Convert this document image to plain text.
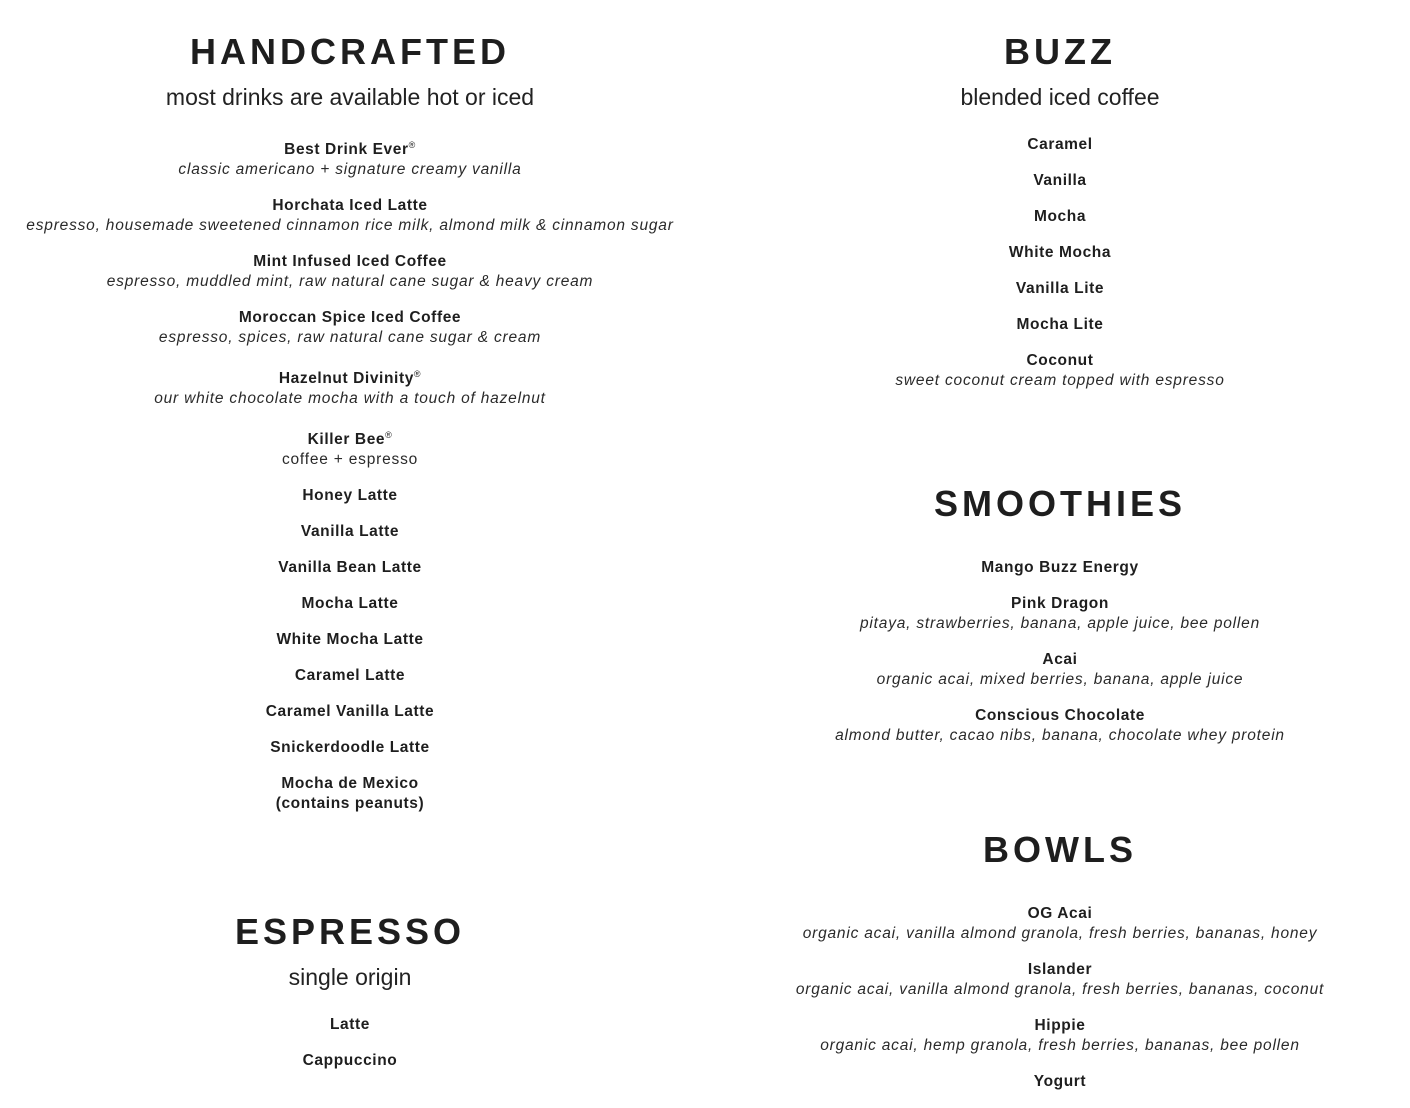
HANDCRAFTED
most drinks are available hot or iced
Best Drink Ever®
classic americano + signature creamy vanilla
Horchata Iced Latte
espresso, housemade sweetened cinnamon rice milk, almond milk & cinnamon sugar
Mint Infused Iced Coffee
espresso, muddled mint, raw natural cane sugar & heavy cream
Moroccan Spice Iced Coffee
espresso, spices, raw natural cane sugar & cream
Hazelnut Divinity®
our white chocolate mocha with a touch of hazelnut
Killer Bee®
coffee + espresso
Honey Latte
Vanilla Latte
Vanilla Bean Latte
Mocha Latte
White Mocha Latte
Caramel Latte
Caramel Vanilla Latte
Snickerdoodle Latte
Mocha de Mexico
(contains peanuts)
ESPRESSO
single origin
Latte
Cappuccino
BUZZ
blended iced coffee
Caramel
Vanilla
Mocha
White Mocha
Vanilla Lite
Mocha Lite
Coconut
sweet coconut cream topped with espresso
SMOOTHIES
Mango Buzz Energy
Pink Dragon
pitaya, strawberries, banana, apple juice, bee pollen
Acai
organic acai, mixed berries, banana, apple juice
Conscious Chocolate
almond butter, cacao nibs, banana, chocolate whey protein
BOWLS
OG Acai
organic acai, vanilla almond granola, fresh berries, bananas, honey
Islander
organic acai, vanilla almond granola, fresh berries, bananas, coconut
Hippie
organic acai, hemp granola, fresh berries, bananas, bee pollen
Yogurt
